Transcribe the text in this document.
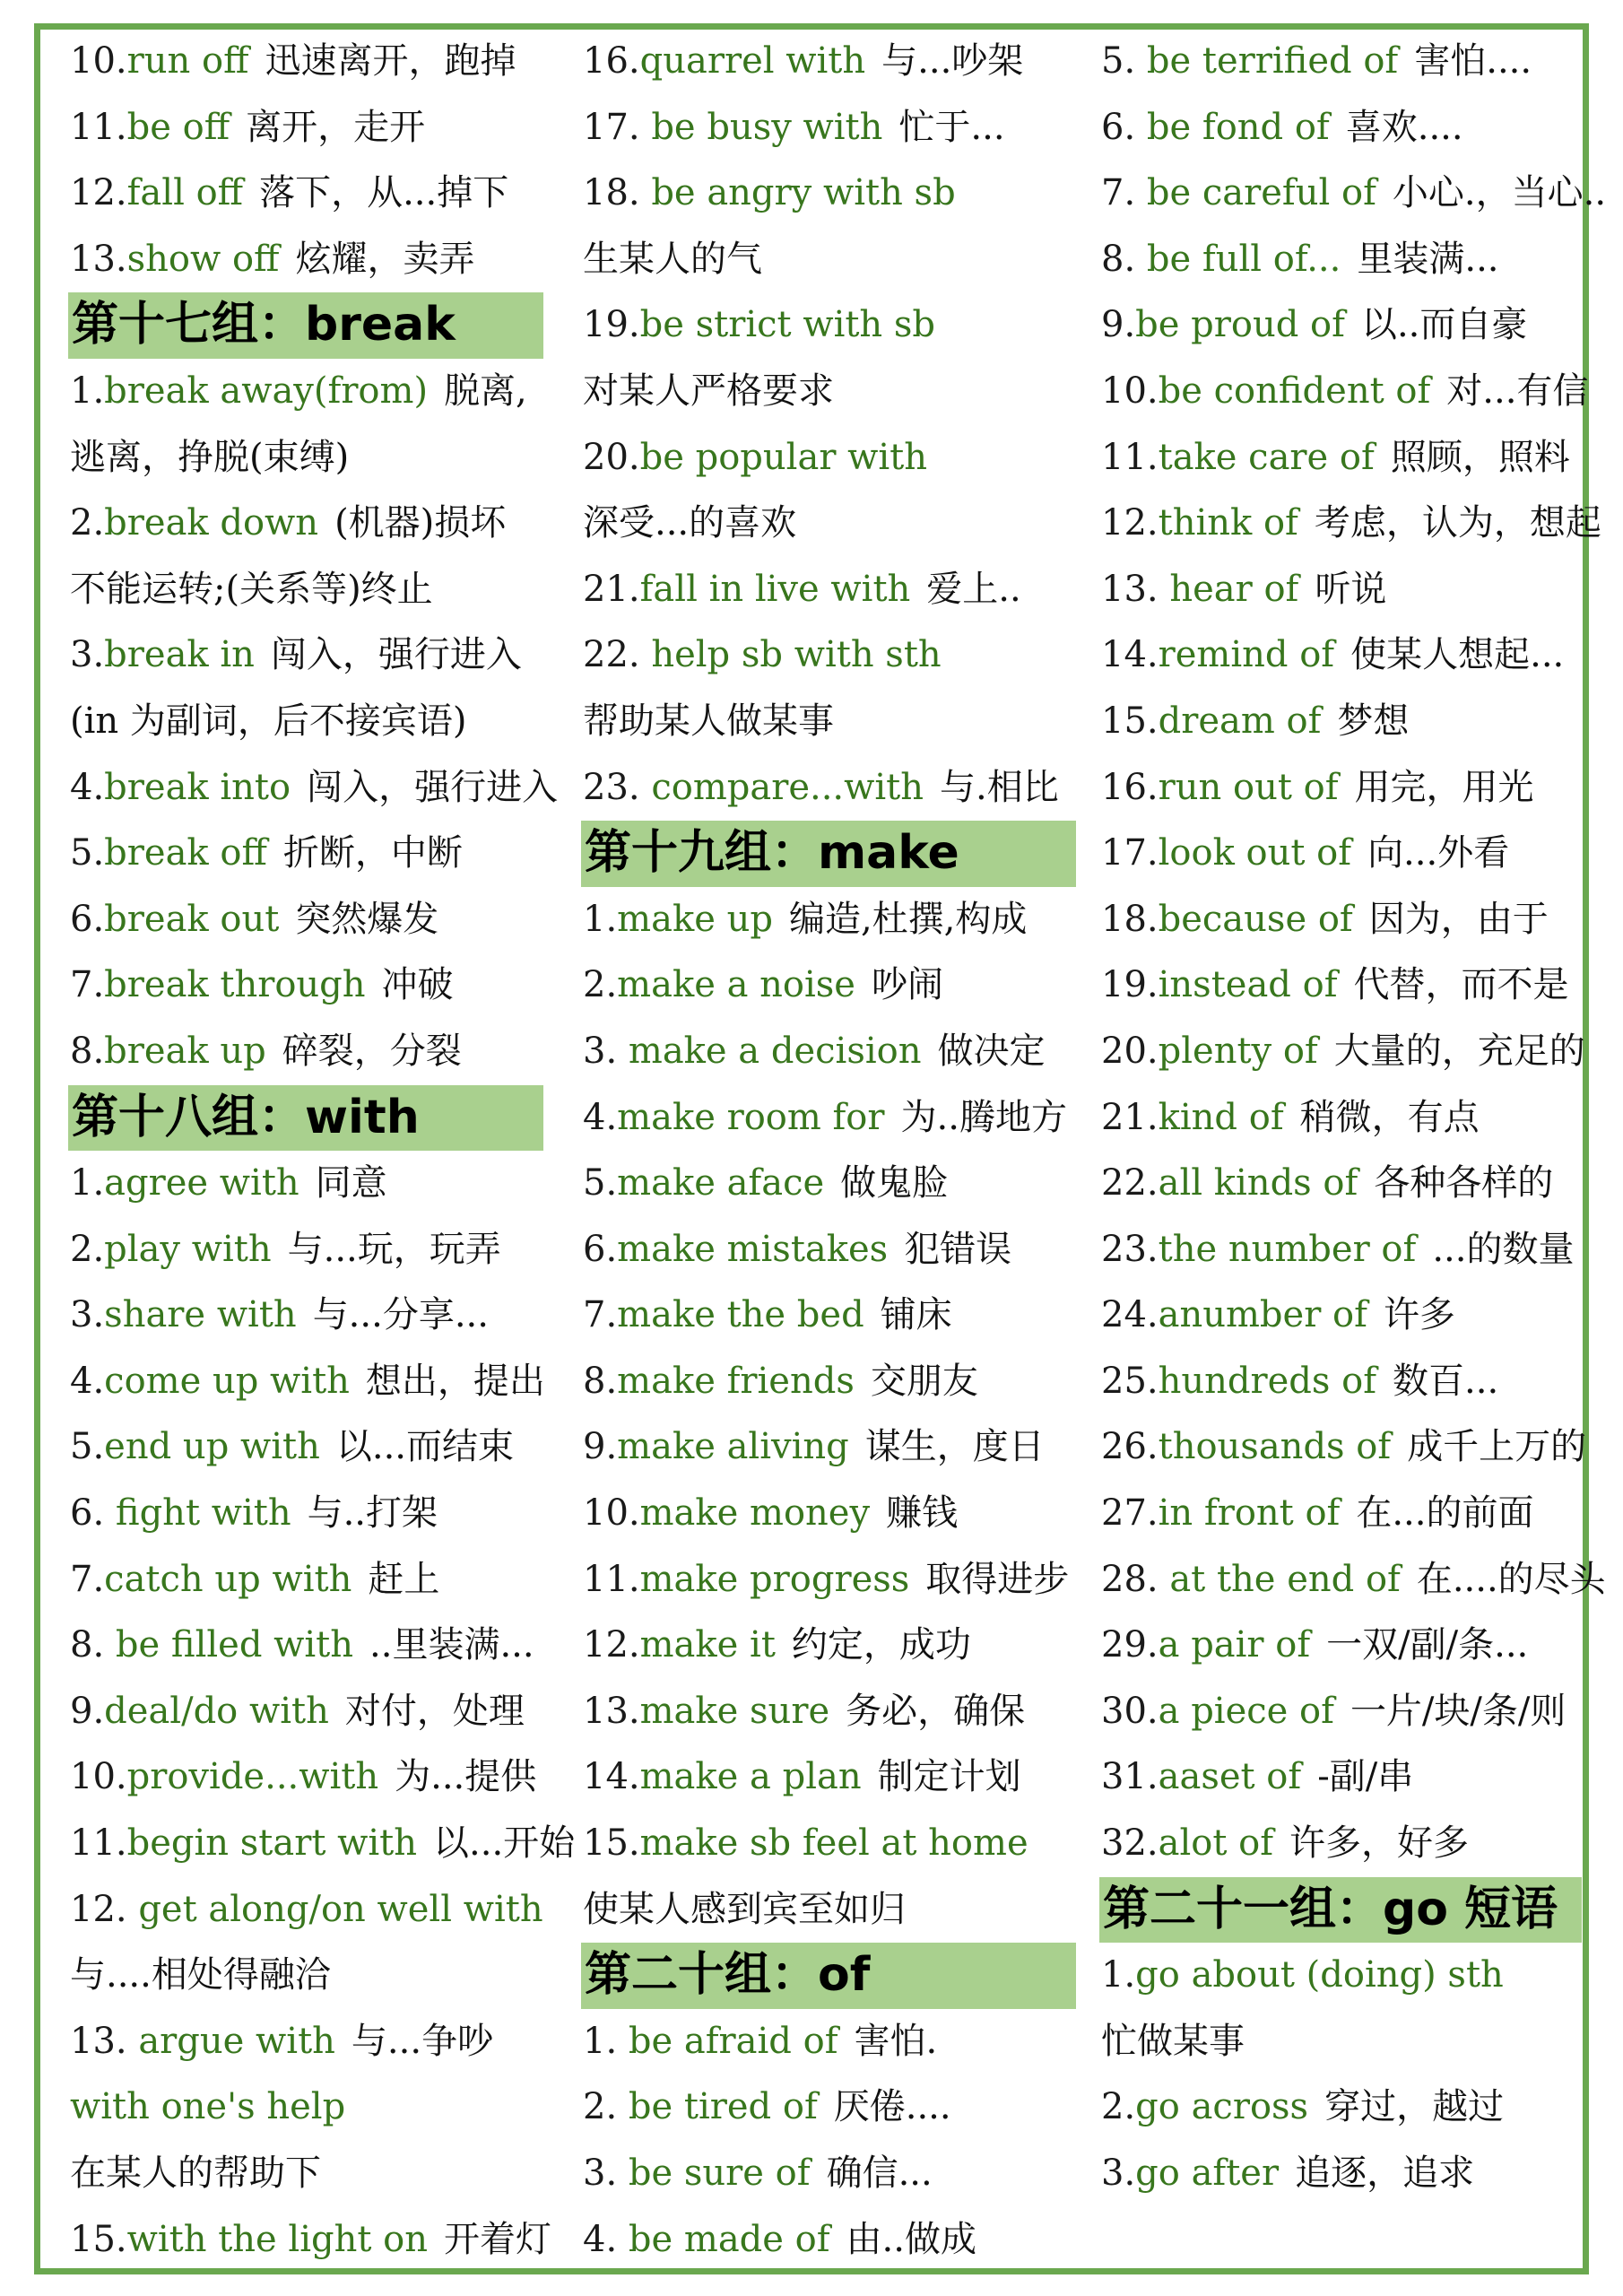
10.run off 迅速离开，跑掉
11.be off 离开，走开
12.fall off 落下，从...掉下
13.show off 炫耀，卖弄
第十七组：break
1.break away(from) 脱离,
逃离，挣脱(束缚)
2.break down (机器)损坏
不能运转;(关系等)终止
3.break in 闯入，强行进入
(in 为副词，后不接宾语)
4.break into 闯入，强行进入
5.break off 折断，中断
6.break out 突然爆发
7.break through 冲破
8.break up 碎裂，分裂
第十八组：with
1.agree with 同意
2.play with 与...玩，玩弄
3.share with 与...分享...
4.come up with 想出，提出
5.end up with 以...而结束
6. fight with 与..打架
7.catch up with 赶上
8. be filled with ..里装满...
9.deal/do with 对付，处理
10.provide...with 为...提供
11.begin start with 以...开始
12. get along/on well with
与....相处得融洽
13. argue with 与...争吵
with one's help
在某人的帮助下
15.with the light on 开着灯
16.quarrel with 与...吵架
17. be busy with 忙于...
18. be angry with sb
生某人的气
19.be strict with sb
对某人严格要求
20.be popular with
深受...的喜欢
21.fall in live with 爱上..
22. help sb with sth
帮助某人做某事
23. compare...with 与.相比
第十九组：make
1.make up 编造,杜撰,构成
2.make a noise 吵闹
3. make a decision 做决定
4.make room for 为..腾地方
5.make aface 做鬼脸
6.make mistakes 犯错误
7.make the bed 铺床
8.make friends 交朋友
9.make aliving 谋生，度日
10.make money 赚钱
11.make progress 取得进步
12.make it 约定，成功
13.make sure 务必，确保
14.make a plan 制定计划
15.make sb feel at home
使某人感到宾至如归
第二十组：of
1. be afraid of 害怕.
2. be tired of 厌倦....
3. be sure of 确信...
4. be made of 由..做成
5. be terrified of 害怕....
6. be fond of 喜欢....
7. be careful of 小心.，当心..
8. be full of... 里装满...
9.be proud of 以..而自豪
10.be confident of 对...有信
11.take care of 照顾，照料
12.think of 考虑，认为，想起
13. hear of 听说
14.remind of 使某人想起...
15.dream of 梦想
16.run out of 用完，用光
17.look out of 向...外看
18.because of 因为，由于
19.instead of 代替，而不是
20.plenty of 大量的，充足的
21.kind of 稍微，有点
22.all kinds of 各种各样的
23.the number of ...的数量
24.anumber of 许多
25.hundreds of 数百...
26.thousands of 成千上万的
27.in front of 在...的前面
28. at the end of 在....的尽头
29.a pair of 一双/副/条...
30.a piece of 一片/块/条/则
31.aaset of -副/串
32.alot of 许多，好多
第二十一组：go 短语
1.go about (doing) sth
忙做某事
2.go across 穿过，越过
3.go after 追逐，追求
